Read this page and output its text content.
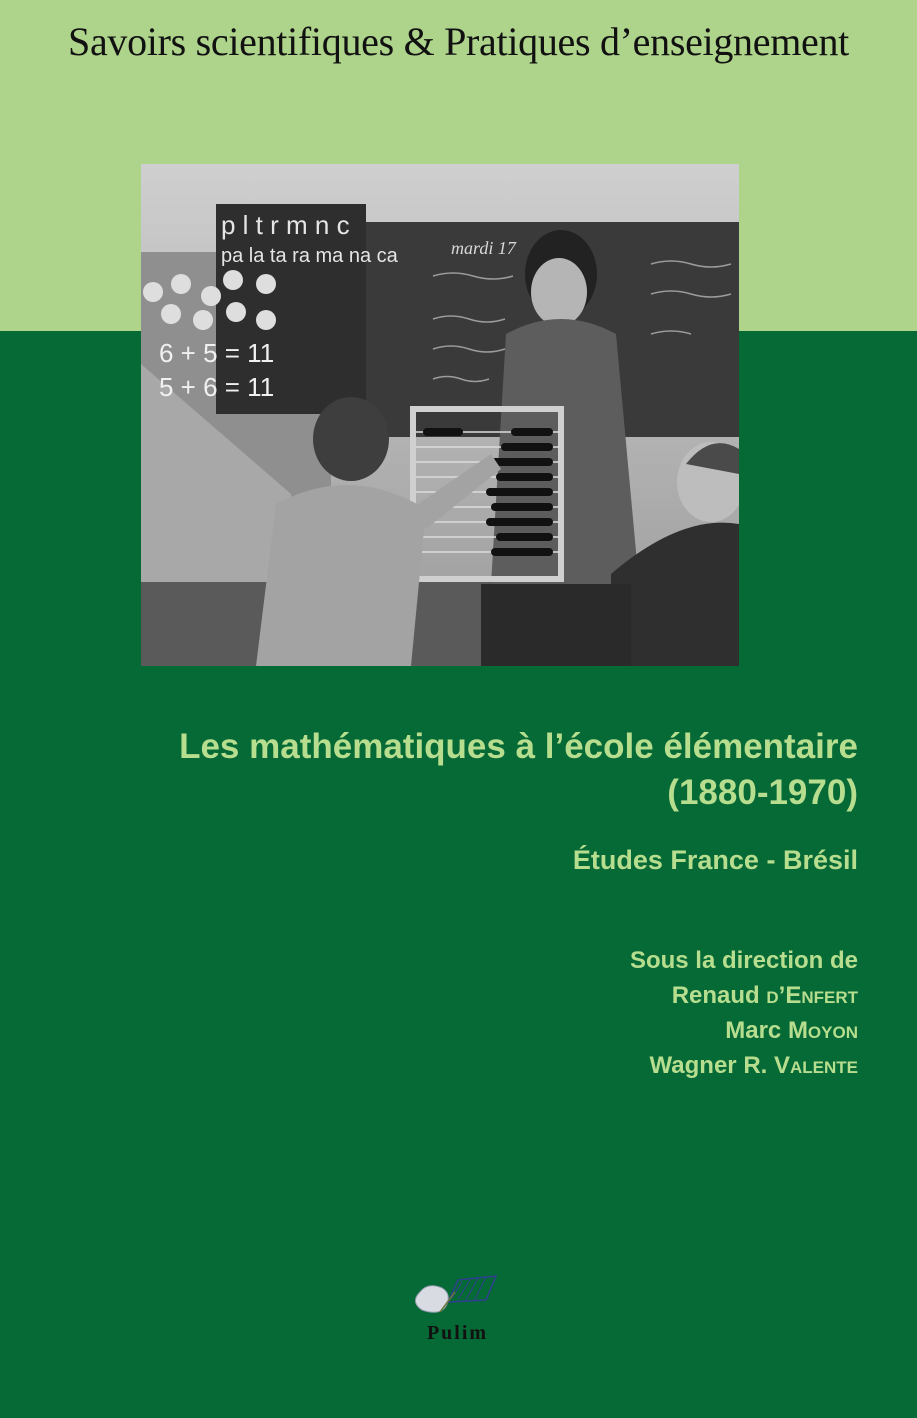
Savoirs scientifiques & Pratiques d’enseignement
p l t r m n c
pa la ta ra ma na ca
6 + 5 = 11
5 + 6 = 11
mardi 17
Les mathématiques à l’école élémentaire
(1880-1970)
Études France - Brésil
Sous la direction de
Renaud d’Enfert
Marc Moyon
Wagner R. Valente
Pulim
